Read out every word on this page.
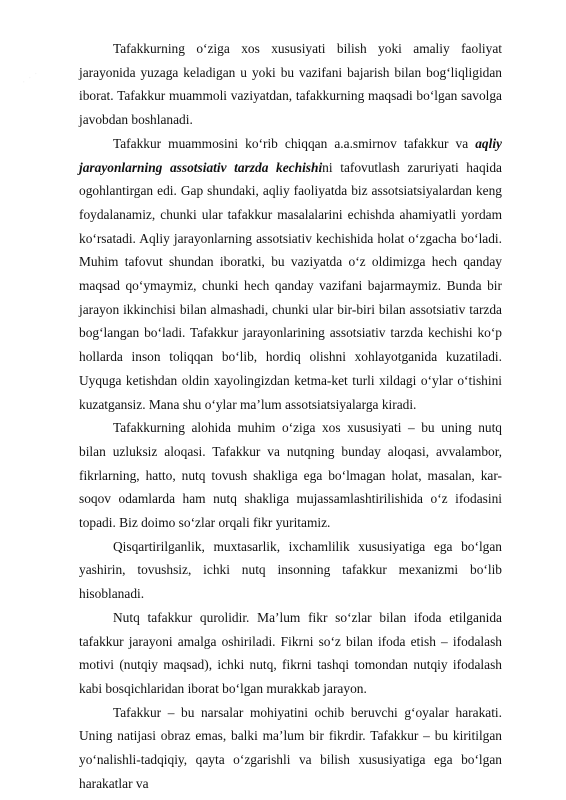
· · ·

Tafakkurning o‘ziga xos xususiyati bilish yoki amaliy faoliyat jarayonida yuzaga keladigan u yoki bu vazifani bajarish bilan bog‘liqligidan iborat. Tafakkur muammoli vaziyatdan, tafakkurning maqsadi bo‘lgan savolga javobdan boshlanadi.

Tafakkur muammosini ko‘rib chiqqan a.a.smirnov tafakkur va aqliy jarayonlarning assotsiativ tarzda kechishini tafovutlash zaruriyati haqida ogohlantirgan edi. Gap shundaki, aqliy faoliyatda biz assotsiatsiyalardan keng foydalanamiz, chunki ular tafakkur masalalarini echishda ahamiyatli yordam ko‘rsatadi. Aqliy jarayonlarning assotsiativ kechishida holat o‘zgacha bo‘ladi. Muhim tafovut shundan iboratki, bu vaziyatda o‘z oldimizga hech qanday maqsad qo‘ymaymiz, chunki hech qanday vazifani bajarmaymiz. Bunda bir jarayon ikkinchisi bilan almashadi, chunki ular bir-biri bilan assotsiativ tarzda bog‘langan bo‘ladi. Tafakkur jarayonlarining assotsiativ tarzda kechishi ko‘p hollarda inson toliqqan bo‘lib, hordiq olishni xohlayotganida kuzatiladi. Uyquga ketishdan oldin xayolingizdan ketma-ket turli xildagi o‘ylar o‘tishini kuzatgansiz. Mana shu o‘ylar ma’lum assotsiatsiyalarga kiradi.

Tafakkurning alohida muhim o‘ziga xos xususiyati – bu uning nutq bilan uzluksiz aloqasi. Tafakkur va nutqning bunday aloqasi, avvalambor, fikrlarning, hatto, nutq tovush shakliga ega bo‘lmagan holat, masalan, kar-soqov odamlarda ham nutq shakliga mujassamlashtirilishida o‘z ifodasini topadi. Biz doimo so‘zlar orqali fikr yuritamiz.

Qisqartirilganlik, muxtasarlik, ixchamlilik xususiyatiga ega bo‘lgan yashirin, tovushsiz, ichki nutq insonning tafakkur mexanizmi bo‘lib hisoblanadi.

Nutq tafakkur qurolidir. Ma’lum fikr so‘zlar bilan ifoda etilganida tafakkur jarayoni amalga oshiriladi. Fikrni so‘z bilan ifoda etish – ifodalash motivi (nutqiy maqsad), ichki nutq, fikrni tashqi tomondan nutqiy ifodalash kabi bosqichlaridan iborat bo‘lgan murakkab jarayon.

Tafakkur – bu narsalar mohiyatini ochib beruvchi g‘oyalar harakati. Uning natijasi obraz emas, balki ma’lum bir fikrdir. Tafakkur – bu kiritilgan yo‘nalishli-tadqiqiy, qayta o‘zgarishli va bilish xususiyatiga ega bo‘lgan harakatlar va
